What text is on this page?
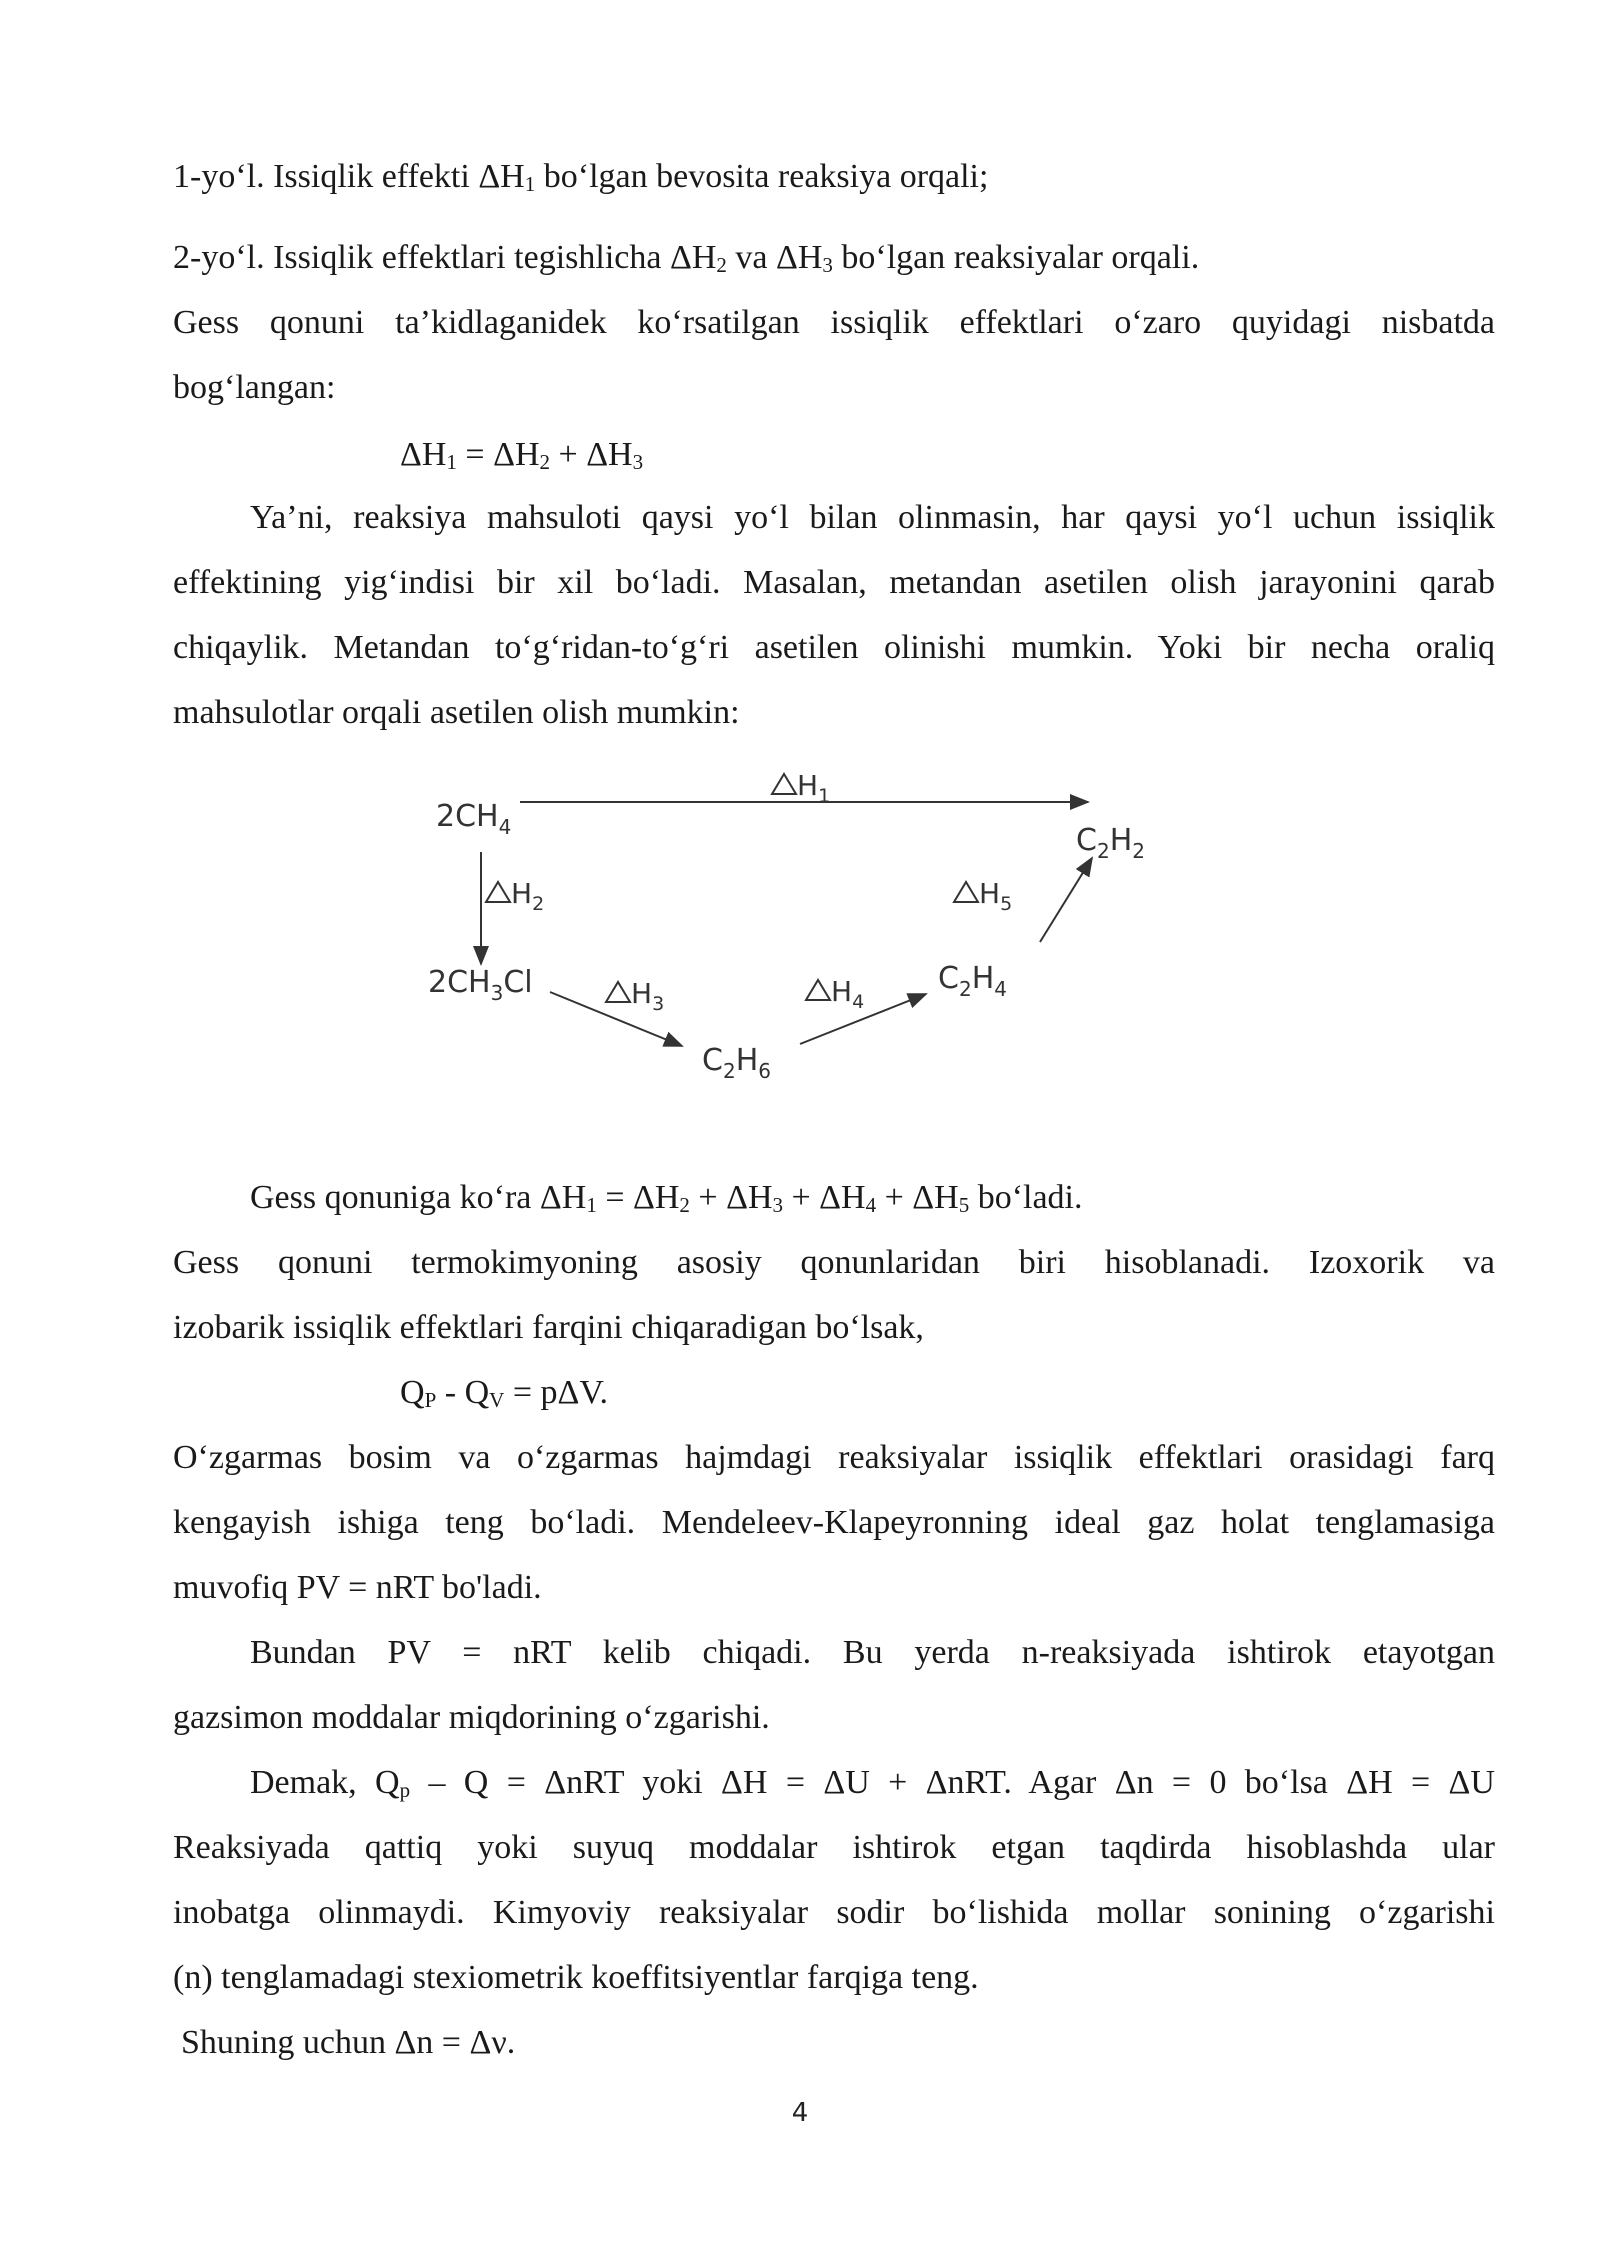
1-yo‘l. Issiqlik effekti $\Delta H_1$ bo‘lgan bevosita reaksiya orqali;
2-yo‘l. Issiqlik effektlari tegishlicha $\Delta H_2$ va $\Delta H_3$ bo‘lgan reaksiyalar orqali.
Gess qonuni ta’kidlaganidek ko‘rsatilgan issiqlik effektlari o‘zaro quyidagi nisbatda
bog‘langan:
$\Delta H_1 = \Delta H_2 + \Delta H_3$
Ya’ni, reaksiya mahsuloti qaysi yo‘l bilan olinmasin, har qaysi yo‘l uchun issiqlik
effektining yig‘indisi bir xil bo‘ladi. Masalan, metandan asetilen olish jarayonini qarab
chiqaylik. Metandan to‘g‘ridan-to‘g‘ri asetilen olinishi mumkin. Yoki bir necha oraliq
mahsulotlar orqali asetilen olish mumkin:
$2CH_4$	$C_2H_2$
$2CH_3Cl$
$C_2H_6$
$C_2H_4$
$H_1$
$H_2$
$H_3$	$H_4$
$H_5$
Gess qonuniga ko‘ra $\Delta H_1 = \Delta H_2 + \Delta H_3 + \Delta H_4 + \Delta H_5$ bo‘ladi.
Gess qonuni termokimyoning asosiy qonunlaridan biri hisoblanadi. Izoxorik va
izobarik issiqlik effektlari farqini chiqaradigan bo‘lsak,
$Q_P - Q_V = p\Delta V$.
O‘zgarmas bosim va o‘zgarmas hajmdagi reaksiyalar issiqlik effektlari orasidagi farq
kengayish ishiga teng bo‘ladi. Mendeleev-Klapeyronning ideal gaz holat tenglamasiga
muvofiq PV = nRT bo'ladi.
Bundan PV = nRT kelib chiqadi. Bu yerda n-reaksiyada ishtirok etayotgan
gazsimon moddalar miqdorining o‘zgarishi.
Demak, $Q_p - Q = \Delta nRT$ yoki ΔH = ΔU + ΔnRT. Agar Δn = 0 bo‘lsa ΔH = ΔU
Reaksiyada qattiq yoki suyuq moddalar ishtirok etgan taqdirda hisoblashda ular
inobatga olinmaydi. Kimyoviy reaksiyalar sodir bo‘lishida mollar sonining o‘zgarishi
(n) tenglamadagi stexiometrik koeffitsiyentlar farqiga teng.
Shuning uchun Δn = Δν.
4
